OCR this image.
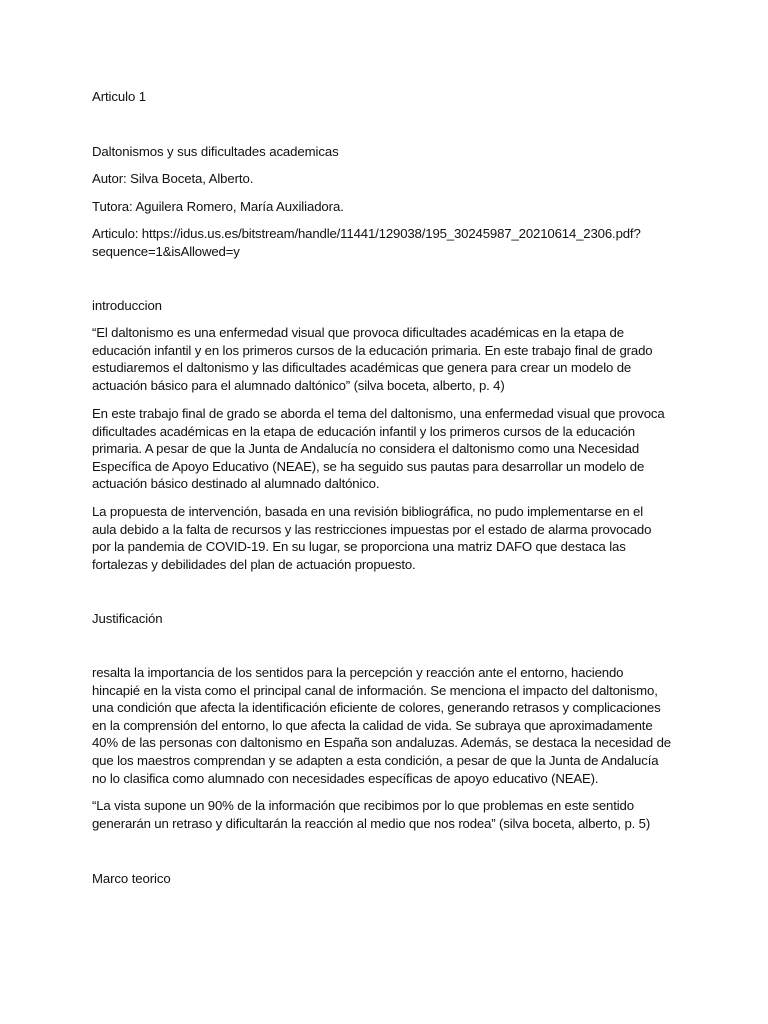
Articulo 1
Daltonismos y sus dificultades academicas
Autor: Silva Boceta, Alberto.
Tutora: Aguilera Romero, María Auxiliadora.
Articulo: https://idus.us.es/bitstream/handle/11441/129038/195_30245987_20210614_2306.pdf?
sequence=1&isAllowed=y
introduccion
“El daltonismo es una enfermedad visual que provoca dificultades académicas en la etapa de
educación infantil y en los primeros cursos de la educación primaria. En este trabajo final de grado
estudiaremos el daltonismo y las dificultades académicas que genera para crear un modelo de
actuación básico para el alumnado daltónico” (silva boceta, alberto, p. 4)
En este trabajo final de grado se aborda el tema del daltonismo, una enfermedad visual que provoca
dificultades académicas en la etapa de educación infantil y los primeros cursos de la educación
primaria. A pesar de que la Junta de Andalucía no considera el daltonismo como una Necesidad
Específica de Apoyo Educativo (NEAE), se ha seguido sus pautas para desarrollar un modelo de
actuación básico destinado al alumnado daltónico.
La propuesta de intervención, basada en una revisión bibliográfica, no pudo implementarse en el
aula debido a la falta de recursos y las restricciones impuestas por el estado de alarma provocado
por la pandemia de COVID-19. En su lugar, se proporciona una matriz DAFO que destaca las
fortalezas y debilidades del plan de actuación propuesto.
Justificación
resalta la importancia de los sentidos para la percepción y reacción ante el entorno, haciendo
hincapié en la vista como el principal canal de información. Se menciona el impacto del daltonismo,
una condición que afecta la identificación eficiente de colores, generando retrasos y complicaciones
en la comprensión del entorno, lo que afecta la calidad de vida. Se subraya que aproximadamente
40% de las personas con daltonismo en España son andaluzas. Además, se destaca la necesidad de
que los maestros comprendan y se adapten a esta condición, a pesar de que la Junta de Andalucía
no lo clasifica como alumnado con necesidades específicas de apoyo educativo (NEAE).
“La vista supone un 90% de la información que recibimos por lo que problemas en este sentido
generarán un retraso y dificultarán la reacción al medio que nos rodea” (silva boceta, alberto, p. 5)
Marco teorico
